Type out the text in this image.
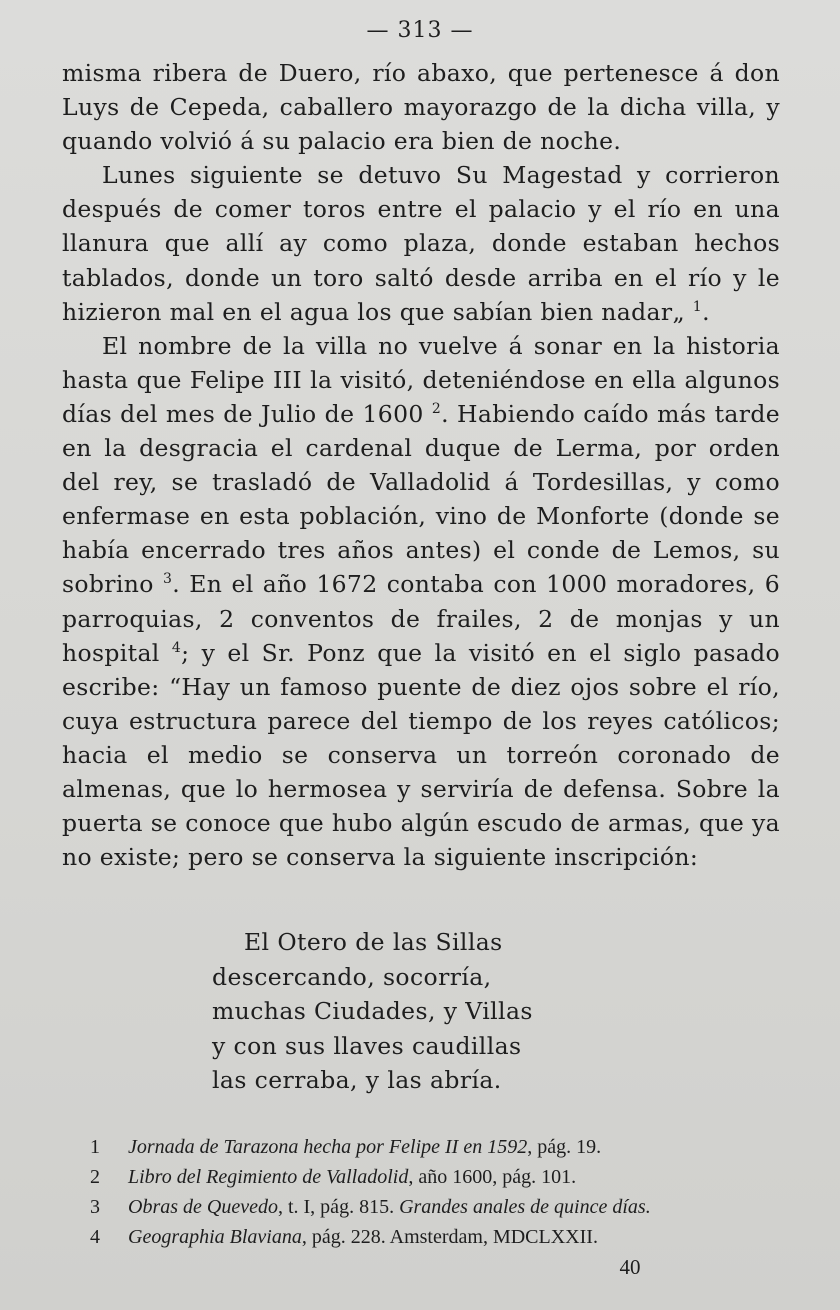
— 313 —

misma ribera de Duero, río abaxo, que pertenesce á don Luys de Cepeda, caballero mayorazgo de la dicha villa, y quando volvió á su palacio era bien de noche.

Lunes siguiente se detuvo Su Magestad y corrieron después de comer toros entre el palacio y el río en una llanura que allí ay como plaza, donde estaban hechos tablados, donde un toro saltó desde arriba en el río y le hizieron mal en el agua los que sabían bien nadar„ $^1$.

El nombre de la villa no vuelve á sonar en la historia hasta que Felipe III la visitó, deteniéndose en ella algunos días del mes de Julio de 1600 $^2$. Habiendo caído más tarde en la desgracia el cardenal duque de Lerma, por orden del rey, se trasladó de Valladolid á Tordesillas, y como enfermase en esta población, vino de Monforte (donde se había encerrado tres años antes) el conde de Lemos, su sobrino $^3$. En el año 1672 contaba con 1000 moradores, 6 parroquias, 2 conventos de frailes, 2 de monjas y un hospital $^4$; y el Sr. Ponz que la visitó en el siglo pasado escribe: “Hay un famoso puente de diez ojos sobre el río, cuya estructura parece del tiempo de los reyes católicos; hacia el medio se conserva un torreón coronado de almenas, que lo hermosea y serviría de defensa. Sobre la puerta se conoce que hubo algún escudo de armas, que ya no existe; pero se conserva la siguiente inscripción:

El Otero de las Sillas
descercando, socorría,
muchas Ciudades, y Villas
y con sus llaves caudillas
las cerraba, y las abría.
1	Jornada de Tarazona hecha por Felipe II en 1592, pág. 19.
2	Libro del Regimiento de Valladolid, año 1600, pág. 101.
3	Obras de Quevedo, t. I, pág. 815. Grandes anales de quince días.
4	Geographia Blaviana, pág. 228. Amsterdam, MDCLXXII.
40
